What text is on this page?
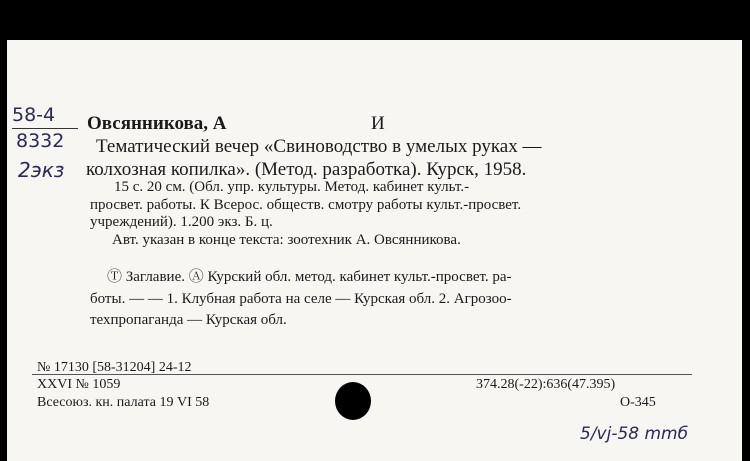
58-4
8332
2экз
Овсянникова, А	И
Тематический вечер «Свиноводство в умелых руках —
колхозная копилка». (Метод. разработка). Курск, 1958.
15 с. 20 см. (Обл. упр. культуры. Метод. кабинет культ.-
просвет. работы. К Всерос. обществ. смотру работы культ.-просвет.
учреждений). 1.200 экз. Б. ц.
Авт. указан в конце текста: зоотехник А. Овсянникова.
Ⓣ Заглавие. Ⓐ Курский обл. метод. кабинет культ.-просвет. ра-
боты. — — 1. Клубная работа на селе — Курская обл. 2. Агрозоо-
техпропаганда — Курская обл.
№ 17130 [58-31204] 24-12
XXVI № 1059
Всесоюз. кн. палата 19 VI 58
374.28(-22):636(47.395)
О-345
5/vj-58 mmб
